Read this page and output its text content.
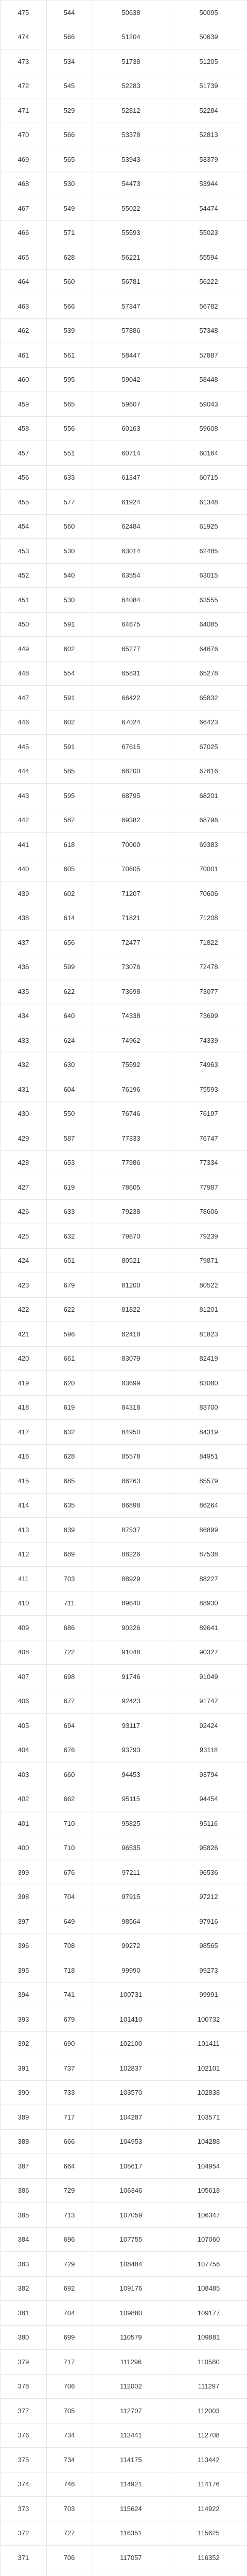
475	544	50638	50095
474	566	51204	50639
473	534	51738	51205
472	545	52283	51739
471	529	52812	52284
470	566	53378	52813
469	565	53943	53379
468	530	54473	53944
467	549	55022	54474
466	571	55593	55023
465	628	56221	55594
464	560	56781	56222
463	566	57347	56782
462	539	57886	57348
461	561	58447	57887
460	595	59042	58448
459	565	59607	59043
458	556	60163	59608
457	551	60714	60164
456	633	61347	60715
455	577	61924	61348
454	560	62484	61925
453	530	63014	62485
452	540	63554	63015
451	530	64084	63555
450	591	64675	64085
449	602	65277	64676
448	554	65831	65278
447	591	66422	65832
446	602	67024	66423
445	591	67615	67025
444	585	68200	67616
443	595	68795	68201
442	587	69382	68796
441	618	70000	69383
440	605	70605	70001
439	602	71207	70606
438	614	71821	71208
437	656	72477	71822
436	599	73076	72478
435	622	73698	73077
434	640	74338	73699
433	624	74962	74339
432	630	75592	74963
431	604	76196	75593
430	550	76746	76197
429	587	77333	76747
428	653	77986	77334
427	619	78605	77987
426	633	79238	78606
425	632	79870	79239
424	651	80521	79871
423	679	81200	80522
422	622	81822	81201
421	596	82418	81823
420	661	83079	82419
419	620	83699	83080
418	619	84318	83700
417	632	84950	84319
416	628	85578	84951
415	685	86263	85579
414	635	86898	86264
413	639	87537	86899
412	689	88226	87538
411	703	88929	88227
410	711	89640	88930
409	686	90326	89641
408	722	91048	90327
407	698	91746	91049
406	677	92423	91747
405	694	93117	92424
404	676	93793	93118
403	660	94453	93794
402	662	95115	94454
401	710	95825	95116
400	710	96535	95826
399	676	97211	96536
398	704	97915	97212
397	649	98564	97916
396	708	99272	98565
395	718	99990	99273
394	741	100731	99991
393	679	101410	100732
392	690	102100	101411
391	737	102837	102101
390	733	103570	102838
389	717	104287	103571
388	666	104953	104288
387	664	105617	104954
386	729	106346	105618
385	713	107059	106347
384	696	107755	107060
383	729	108484	107756
382	692	109176	108485
381	704	109880	109177
380	699	110579	109881
379	717	111296	110580
378	706	112002	111297
377	705	112707	112003
376	734	113441	112708
375	734	114175	113442
374	746	114921	114176
373	703	115624	114922
372	727	116351	115625
371	706	117057	116352
